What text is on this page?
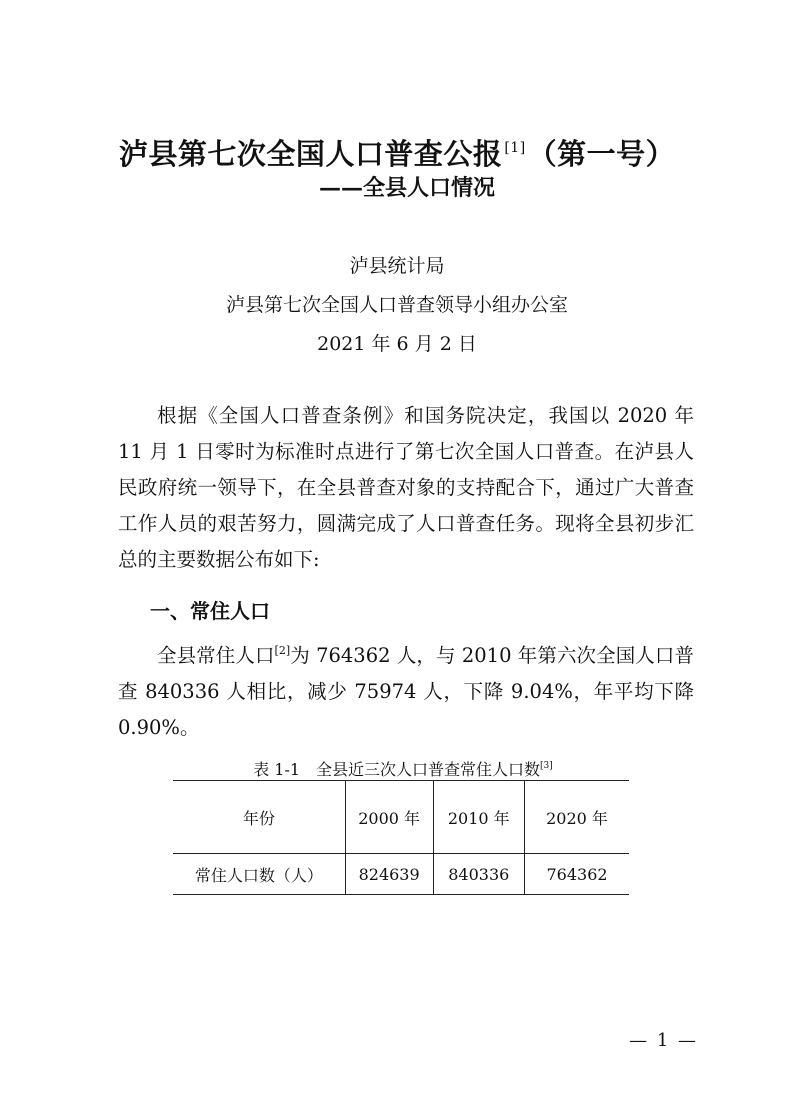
泸县第七次全国人口普查公报 [1]（第一号）
——全县人口情况
泸县统计局
泸县第七次全国人口普查领导小组办公室
2021 年 6 月 2 日

根据《全国人口普查条例》和国务院决定，我国以 2020 年 11 月 1 日零时为标准时点进行了第七次全国人口普查。在泸县人民政府统一领导下，在全县普查对象的支持配合下，通过广大普查工作人员的艰苦努力，圆满完成了人口普查任务。现将全县初步汇总的主要数据公布如下:

一、常住人口

全县常住人口[2]为 764362 人，与 2010 年第六次全国人口普查 840336 人相比，减少 75974 人，下降 9.04%，年平均下降 0.90%。

表 1-1　全县近三次人口普查常住人口数[3]
年份	2000 年	2010 年	2020 年
常住人口数（人）	824639	840336	764362
— 1 —
